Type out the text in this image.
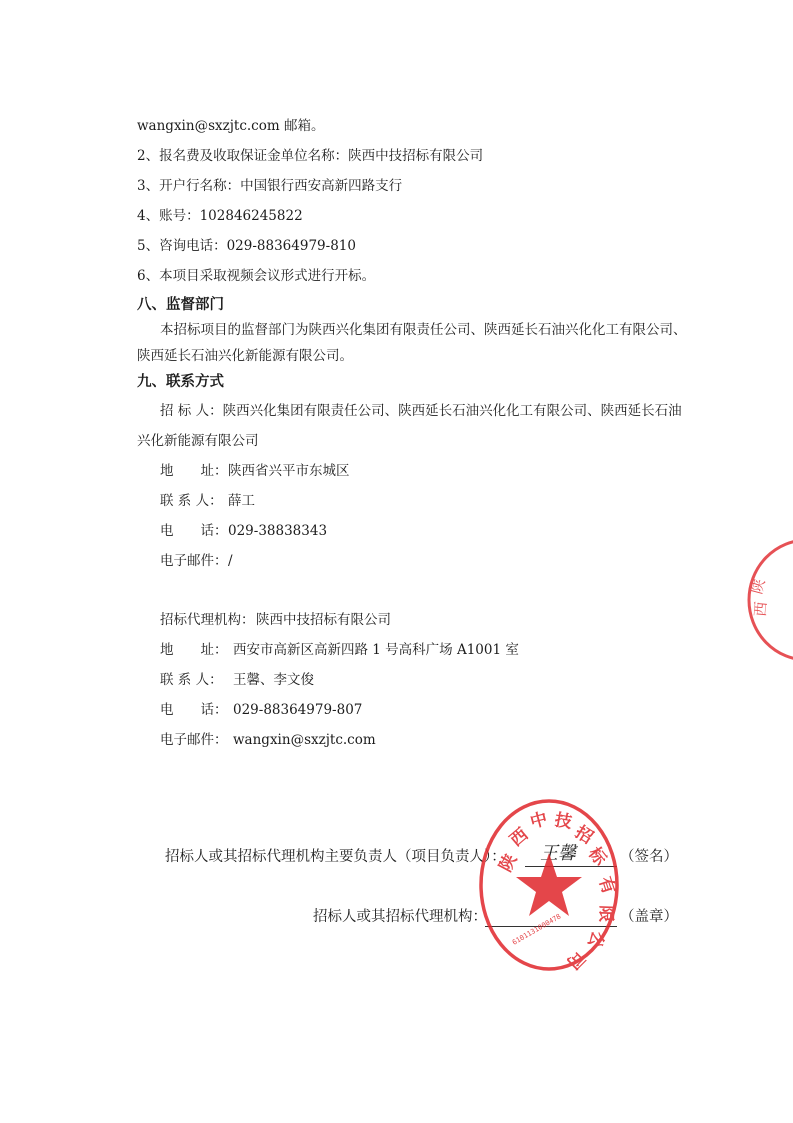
wangxin@sxzjtc.com 邮箱。
2、报名费及收取保证金单位名称：陕西中技招标有限公司
3、开户行名称：中国银行西安高新四路支行
4、账号：102846245822
5、咨询电话：029-88364979-810
6、本项目采取视频会议形式进行开标。
八、监督部门
本招标项目的监督部门为陕西兴化集团有限责任公司、陕西延长石油兴化化工有限公司、
陕西延长石油兴化新能源有限公司。
九、联系方式
招 标 人：陕西兴化集团有限责任公司、陕西延长石油兴化化工有限公司、陕西延长石油
兴化新能源有限公司
地　　址： 陕西省兴平市东城区
联 系 人： 薛工
电　　话： 029-38838343
电子邮件： /
招标代理机构： 陕西中技招标有限公司
地　　址： 西安市高新区高新四路 1 号高科广场 A1001 室
联 系 人： 王馨、李文俊
电　　话： 029-88364979-807
电子邮件： wangxin@sxzjtc.com
招标人或其招标代理机构主要负责人（项目负责人）： 王馨	（签名）
招标人或其招标代理机构：	（盖章）
陕
西
中 技
招
标
有
限
公
司
6101131000478
陕
西
